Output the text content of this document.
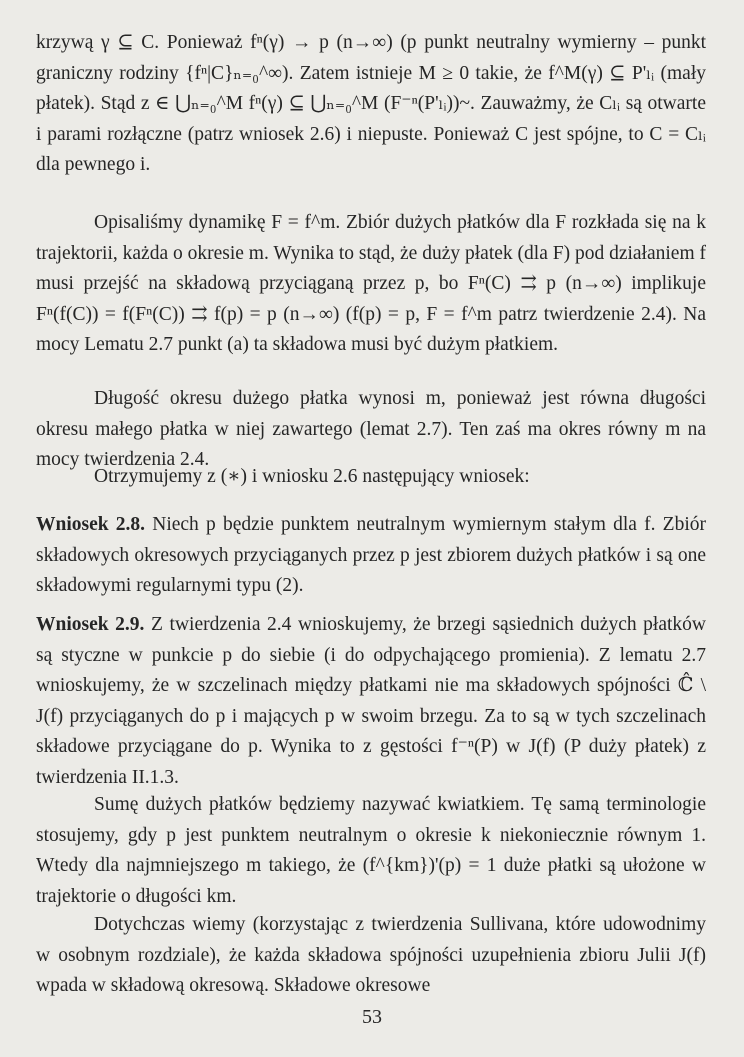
krzywą γ ⊆ C. Ponieważ fⁿ(γ) → p (n→∞) (p punkt neutralny wymierny – punkt graniczny rodziny {fⁿ|C}ₙ₌₀^∞). Zatem istnieje M ≥ 0 takie, że f^M(γ) ⊆ P'ₗᵢ (mały płatek). Stąd z ∈ ⋃ₙ₌₀^M fⁿ(γ) ⊆ ⋃ₙ₌₀^M (F⁻ⁿ(P'ₗᵢ))~. Zauważmy, że Cₗᵢ są otwarte i parami rozłączne (patrz wniosek 2.6) i niepuste. Ponieważ C jest spójne, to C = Cₗᵢ dla pewnego i.

Opisaliśmy dynamikę F = f^m. Zbiór dużych płatków dla F rozkłada się na k trajektorii, każda o okresie m. Wynika to stąd, że duży płatek (dla F) pod działaniem f musi przejść na składową przyciąganą przez p, bo Fⁿ(C) ⇉ p (n→∞) implikuje Fⁿ(f(C)) = f(Fⁿ(C)) ⇉ f(p) = p (n→∞) (f(p) = p, F = f^m patrz twierdzenie 2.4). Na mocy Lematu 2.7 punkt (a) ta składowa musi być dużym płatkiem.

Długość okresu dużego płatka wynosi m, ponieważ jest równa długości okresu małego płatka w niej zawartego (lemat 2.7). Ten zaś ma okres równy m na mocy twierdzenia 2.4.

Otrzymujemy z (∗) i wniosku 2.6 następujący wniosek:

Wniosek 2.8. Niech p będzie punktem neutralnym wymiernym stałym dla f. Zbiór składowych okresowych przyciąganych przez p jest zbiorem dużych płatków i są one składowymi regularnymi typu (2).

Wniosek 2.9. Z twierdzenia 2.4 wnioskujemy, że brzegi sąsiednich dużych płatków są styczne w punkcie p do siebie (i do odpychającego promienia). Z lematu 2.7 wnioskujemy, że w szczelinach między płatkami nie ma składowych spójności ℂ̂ \ J(f) przyciąganych do p i mających p w swoim brzegu. Za to są w tych szczelinach składowe przyciągane do p. Wynika to z gęstości f⁻ⁿ(P) w J(f) (P duży płatek) z twierdzenia II.1.3.

Sumę dużych płatków będziemy nazywać kwiatkiem. Tę samą terminologie stosujemy, gdy p jest punktem neutralnym o okresie k niekoniecznie równym 1. Wtedy dla najmniejszego m takiego, że (f^{km})'(p) = 1 duże płatki są ułożone w trajektorie o długości km.

Dotychczas wiemy (korzystając z twierdzenia Sullivana, które udowodnimy w osobnym rozdziale), że każda składowa spójności uzupełnienia zbioru Julii J(f) wpada w składową okresową. Składowe okresowe

53
